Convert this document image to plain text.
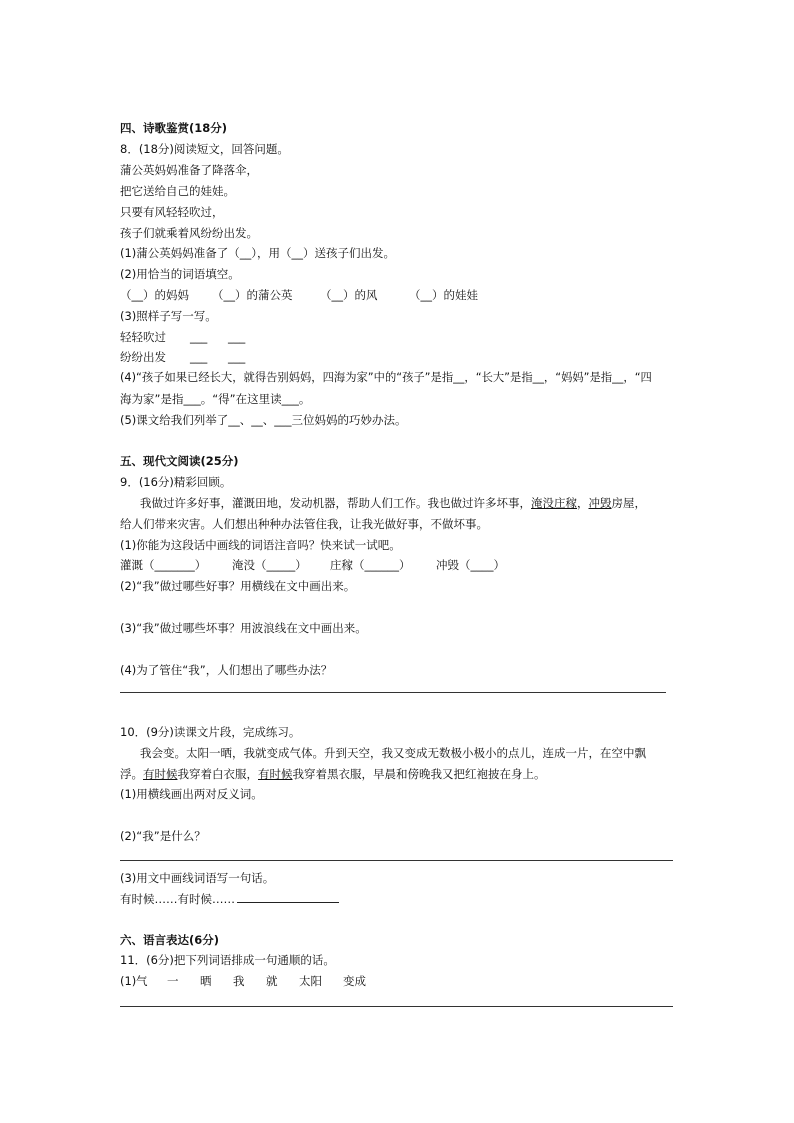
四、诗歌鉴赏(18分)
8．(18分)阅读短文，回答问题。
蒲公英妈妈准备了降落伞，
把它送给自己的娃娃。
只要有风轻轻吹过，
孩子们就乘着风纷纷出发。
(1)蒲公英妈妈准备了（__），用（__）送孩子们出发。
(2)用恰当的词语填空。
（__）的妈妈 （__）的蒲公英 （__）的风	（__）的娃娃
(3)照样子写一写。
轻轻吹过 ___ ___
纷纷出发 ___ ___
(4)“孩子如果已经长大，就得告别妈妈，四海为家”中的“孩子”是指__，“长大”是指__，“妈妈”是指__，“四
海为家”是指___。“得”在这里读___。
(5)课文给我们列举了__、__、___三位妈妈的巧妙办法。
五、现代文阅读(25分)
9．(16分)精彩回顾。
我做过许多好事，灌溉田地，发动机器，帮助人们工作。我也做过许多坏事，淹没庄稼，冲毁房屋，
给人们带来灾害。人们想出种种办法管住我，让我光做好事，不做坏事。
(1)你能为这段话中画线的词语注音吗？快来试一试吧。
灌溉（_______） 淹没（_____） 庄稼（______） 冲毁（____）
(2)“我”做过哪些好事？用横线在文中画出来。
(3)“我”做过哪些坏事？用波浪线在文中画出来。
(4)为了管住“我”，人们想出了哪些办法？
10．(9分)读课文片段，完成练习。
我会变。太阳一晒，我就变成气体。升到天空，我又变成无数极小极小的点儿，连成一片，在空中飘
浮。有时候我穿着白衣服，有时候我穿着黑衣服，早晨和傍晚我又把红袍披在身上。
(1)用横线画出两对反义词。
(2)“我”是什么？
(3)用文中画线词语写一句话。
有时候……有时候……
六、语言表达(6分)
11．(6分)把下列词语排成一句通顺的话。
(1) 气 一 晒 我 就 太阳 变成
